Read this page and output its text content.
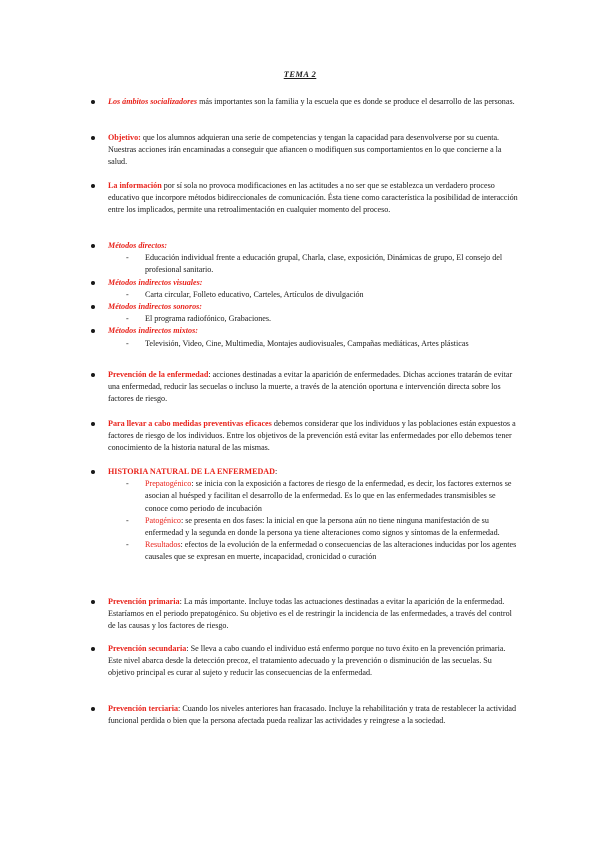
TEMA 2
Los ámbitos socializadores más importantes son la familia y la escuela que es donde se produce el desarrollo de las personas.
Objetivo: que los alumnos adquieran una serie de competencias y tengan la capacidad para desenvolverse por su cuenta. Nuestras acciones irán encaminadas a conseguir que afiancen o modifiquen sus comportamientos en lo que concierne a la salud.
La información por sí sola no provoca modificaciones en las actitudes a no ser que se establezca un verdadero proceso educativo que incorpore métodos bidireccionales de comunicación. Ésta tiene como característica la posibilidad de interacción entre los implicados, permite una retroalimentación en cualquier momento del proceso.
Métodos directos:
- Educación individual frente a educación grupal, Charla, clase, exposición, Dinámicas de grupo, El consejo del profesional sanitario.
Métodos indirectos visuales:
- Carta circular, Folleto educativo, Carteles, Artículos de divulgación
Métodos indirectos sonoros:
- El programa radiofónico, Grabaciones.
Métodos indirectos mixtos:
- Televisión, Video, Cine, Multimedia, Montajes audiovisuales, Campañas mediáticas, Artes plásticas
Prevención de la enfermedad: acciones destinadas a evitar la aparición de enfermedades. Dichas acciones tratarán de evitar una enfermedad, reducir las secuelas o incluso la muerte, a través de la atención oportuna e intervención directa sobre los factores de riesgo.
Para llevar a cabo medidas preventivas eficaces debemos considerar que los individuos y las poblaciones están expuestos a factores de riesgo de los individuos. Entre los objetivos de la prevención está evitar las enfermedades por ello debemos tener conocimiento de la historia natural de las mismas.
HISTORIA NATURAL DE LA ENFERMEDAD:
- Prepatogénico: se inicia con la exposición a factores de riesgo de la enfermedad, es decir, los factores externos se asocian al huésped y facilitan el desarrollo de la enfermedad. Es lo que en las enfermedades transmisibles se conoce como periodo de incubación
- Patogénico: se presenta en dos fases: la inicial en que la persona aún no tiene ninguna manifestación de su enfermedad y la segunda en donde la persona ya tiene alteraciones como signos y síntomas de la enfermedad.
- Resultados: efectos de la evolución de la enfermedad o consecuencias de las alteraciones inducidas por los agentes causales que se expresan en muerte, incapacidad, cronicidad o curación
Prevención primaria: La más importante. Incluye todas las actuaciones destinadas a evitar la aparición de la enfermedad. Estaríamos en el periodo prepatogénico. Su objetivo es el de restringir la incidencia de las enfermedades, a través del control de las causas y los factores de riesgo.
Prevención secundaria: Se lleva a cabo cuando el individuo está enfermo porque no tuvo éxito en la prevención primaria. Este nivel abarca desde la detección precoz, el tratamiento adecuado y la prevención o disminución de las secuelas. Su objetivo principal es curar al sujeto y reducir las consecuencias de la enfermedad.
Prevención terciaria: Cuando los niveles anteriores han fracasado. Incluye la rehabilitación y trata de restablecer la actividad funcional perdida o bien que la persona afectada pueda realizar las actividades y reingrese a la sociedad.
